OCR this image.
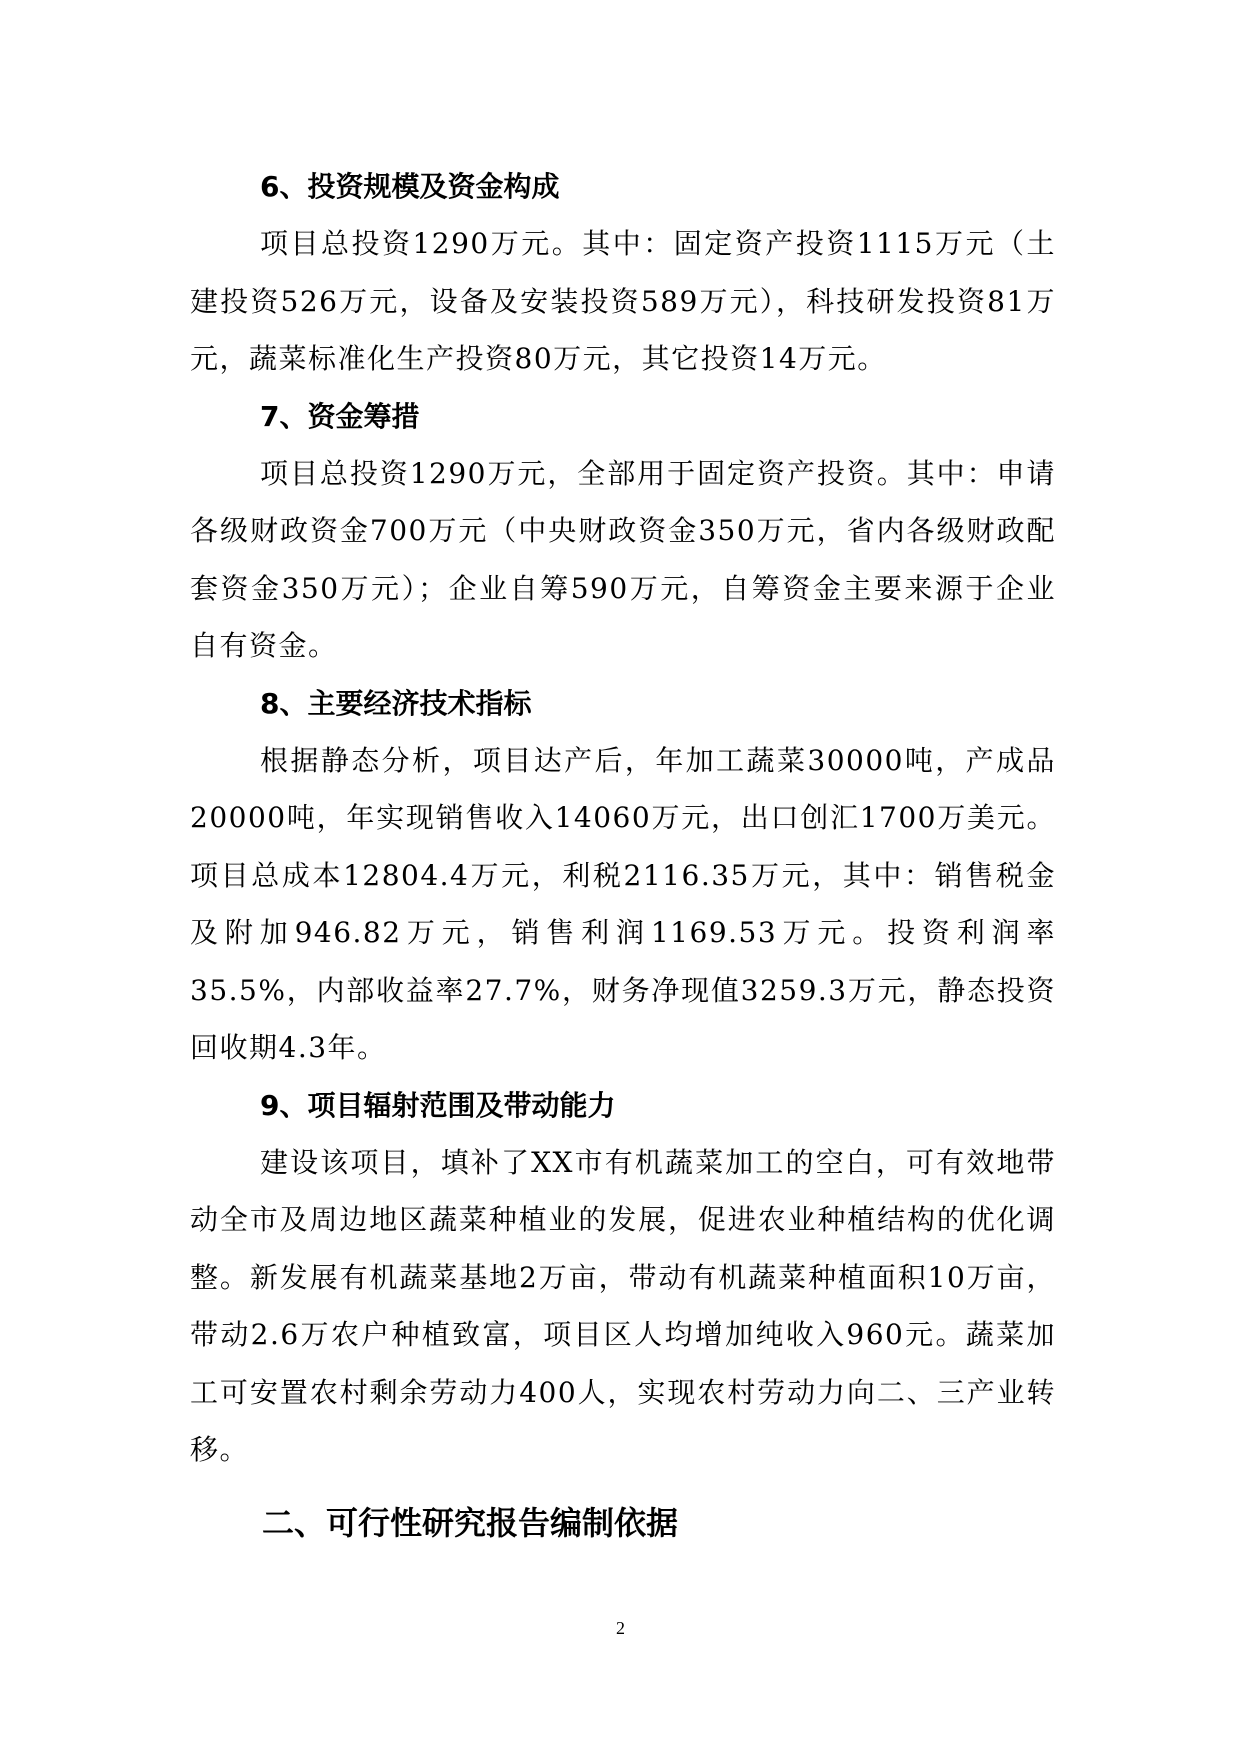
6、投资规模及资金构成

项目总投资1290万元。其中：固定资产投资1115万元（土建投资526万元，设备及安装投资589万元），科技研发投资81万元，蔬菜标准化生产投资80万元，其它投资14万元。

7、资金筹措

项目总投资1290万元，全部用于固定资产投资。其中：申请各级财政资金700万元（中央财政资金350万元，省内各级财政配套资金350万元）；企业自筹590万元，自筹资金主要来源于企业自有资金。

8、主要经济技术指标

根据静态分析，项目达产后，年加工蔬菜30000吨，产成品20000吨，年实现销售收入14060万元，出口创汇1700万美元。项目总成本12804.4万元，利税2116.35万元，其中：销售税金及附加946.82万元，销售利润1169.53万元。投资利润率35.5%，内部收益率27.7%，财务净现值3259.3万元，静态投资回收期4.3年。

9、项目辐射范围及带动能力

建设该项目，填补了XX市有机蔬菜加工的空白，可有效地带动全市及周边地区蔬菜种植业的发展，促进农业种植结构的优化调整。新发展有机蔬菜基地2万亩，带动有机蔬菜种植面积10万亩，带动2.6万农户种植致富，项目区人均增加纯收入960元。蔬菜加工可安置农村剩余劳动力400人，实现农村劳动力向二、三产业转移。

二、可行性研究报告编制依据
2
